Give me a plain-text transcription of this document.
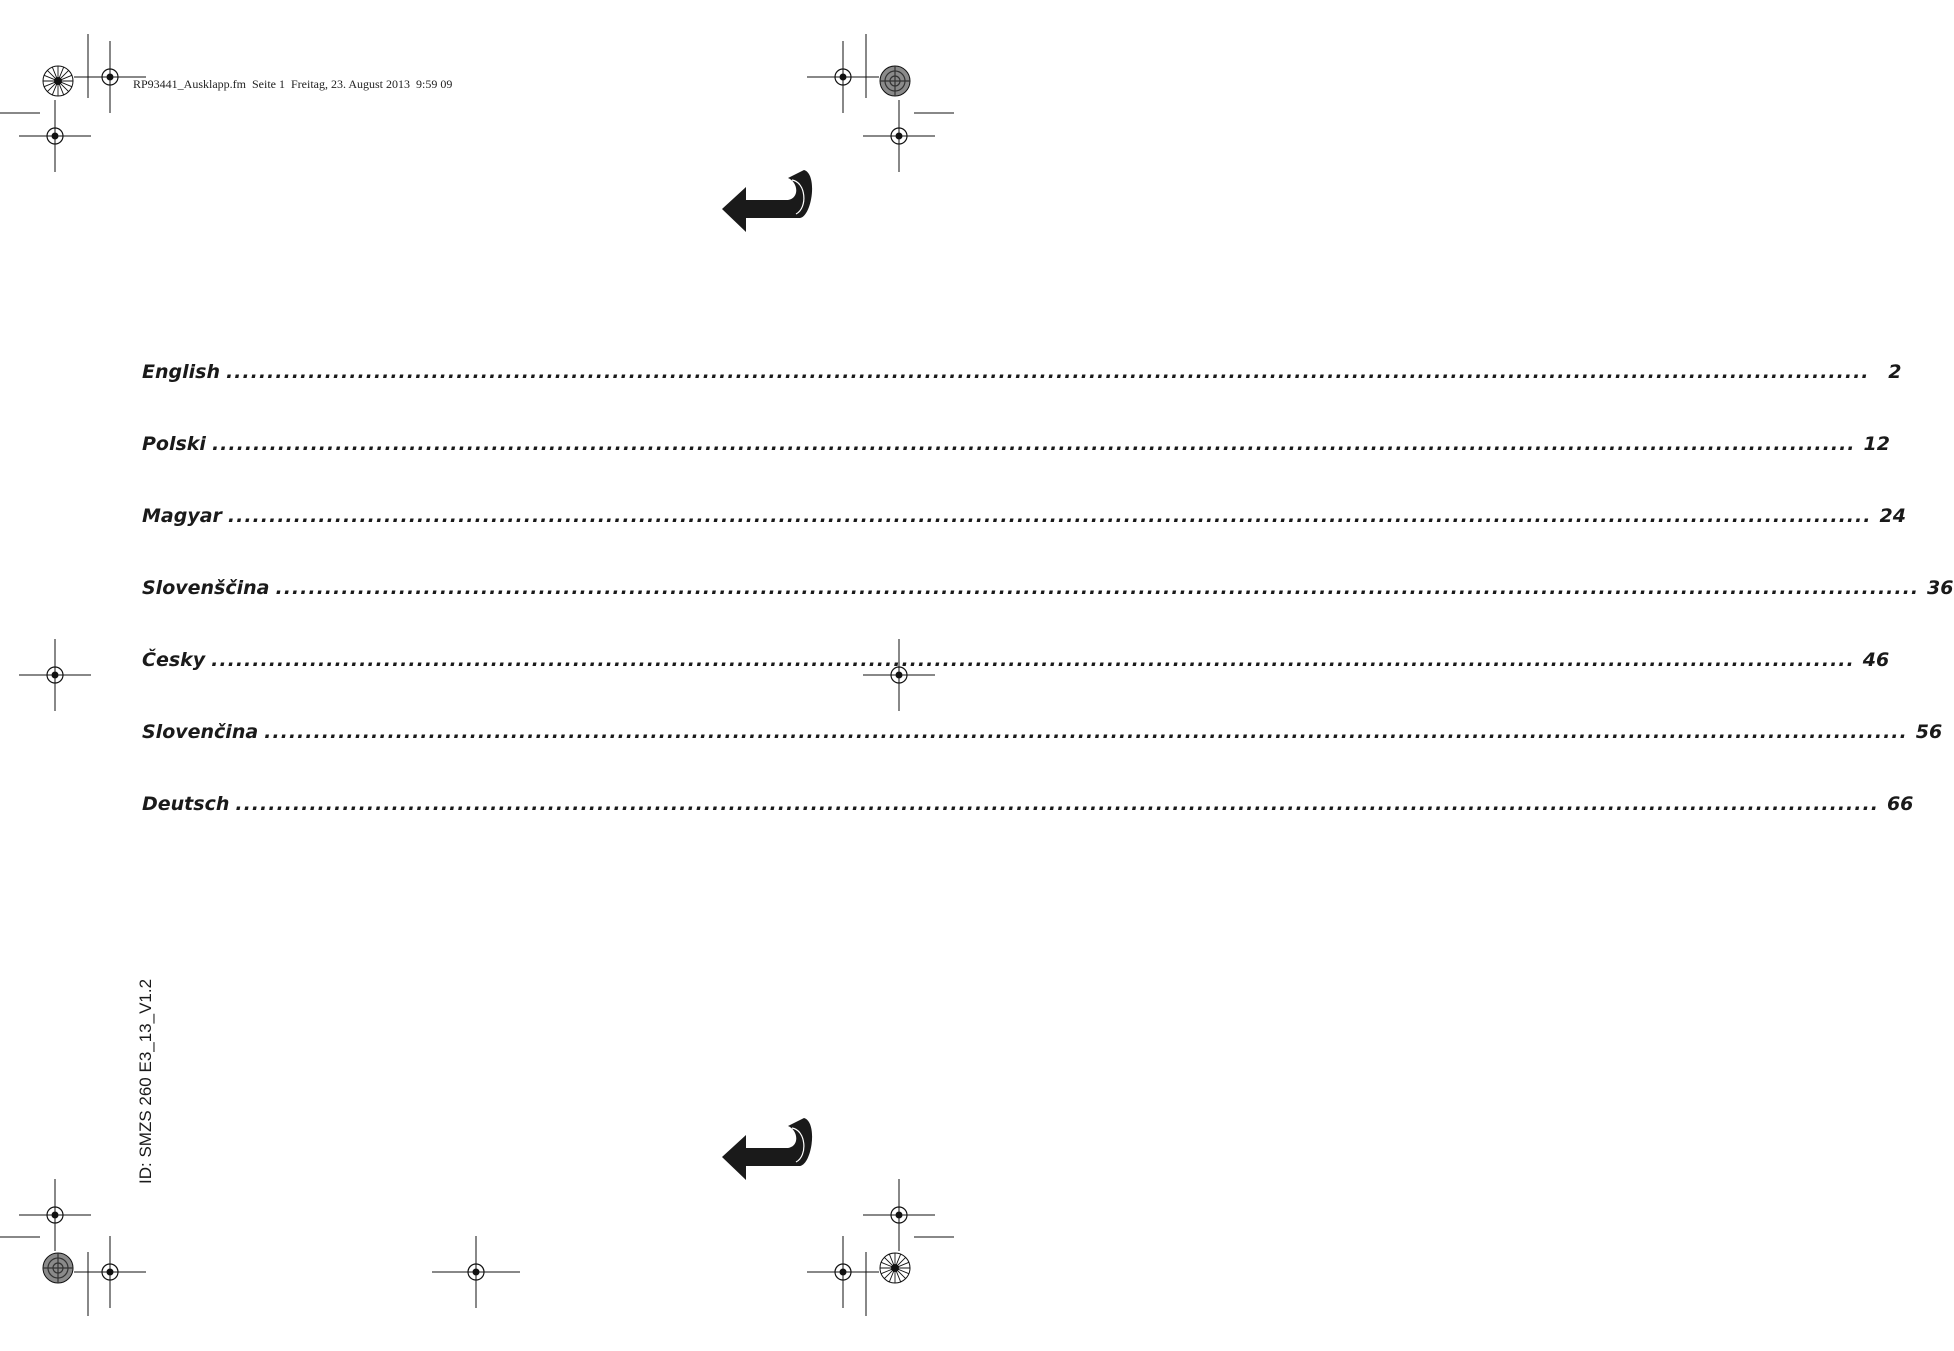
RP93441_Ausklapp.fm  Seite 1  Freitag, 23. August 2013  9:59 09
English ........................................................................................................................................................................................................ 2
Polski ........................................................................................................................................................................................................ 12
Magyar ........................................................................................................................................................................................................ 24
Slovenščina ........................................................................................................................................................................................................ 36
Česky ........................................................................................................................................................................................................ 46
Slovenčina ........................................................................................................................................................................................................ 56
Deutsch ........................................................................................................................................................................................................ 66
ID: SMZS 260 E3_13_V1.2
